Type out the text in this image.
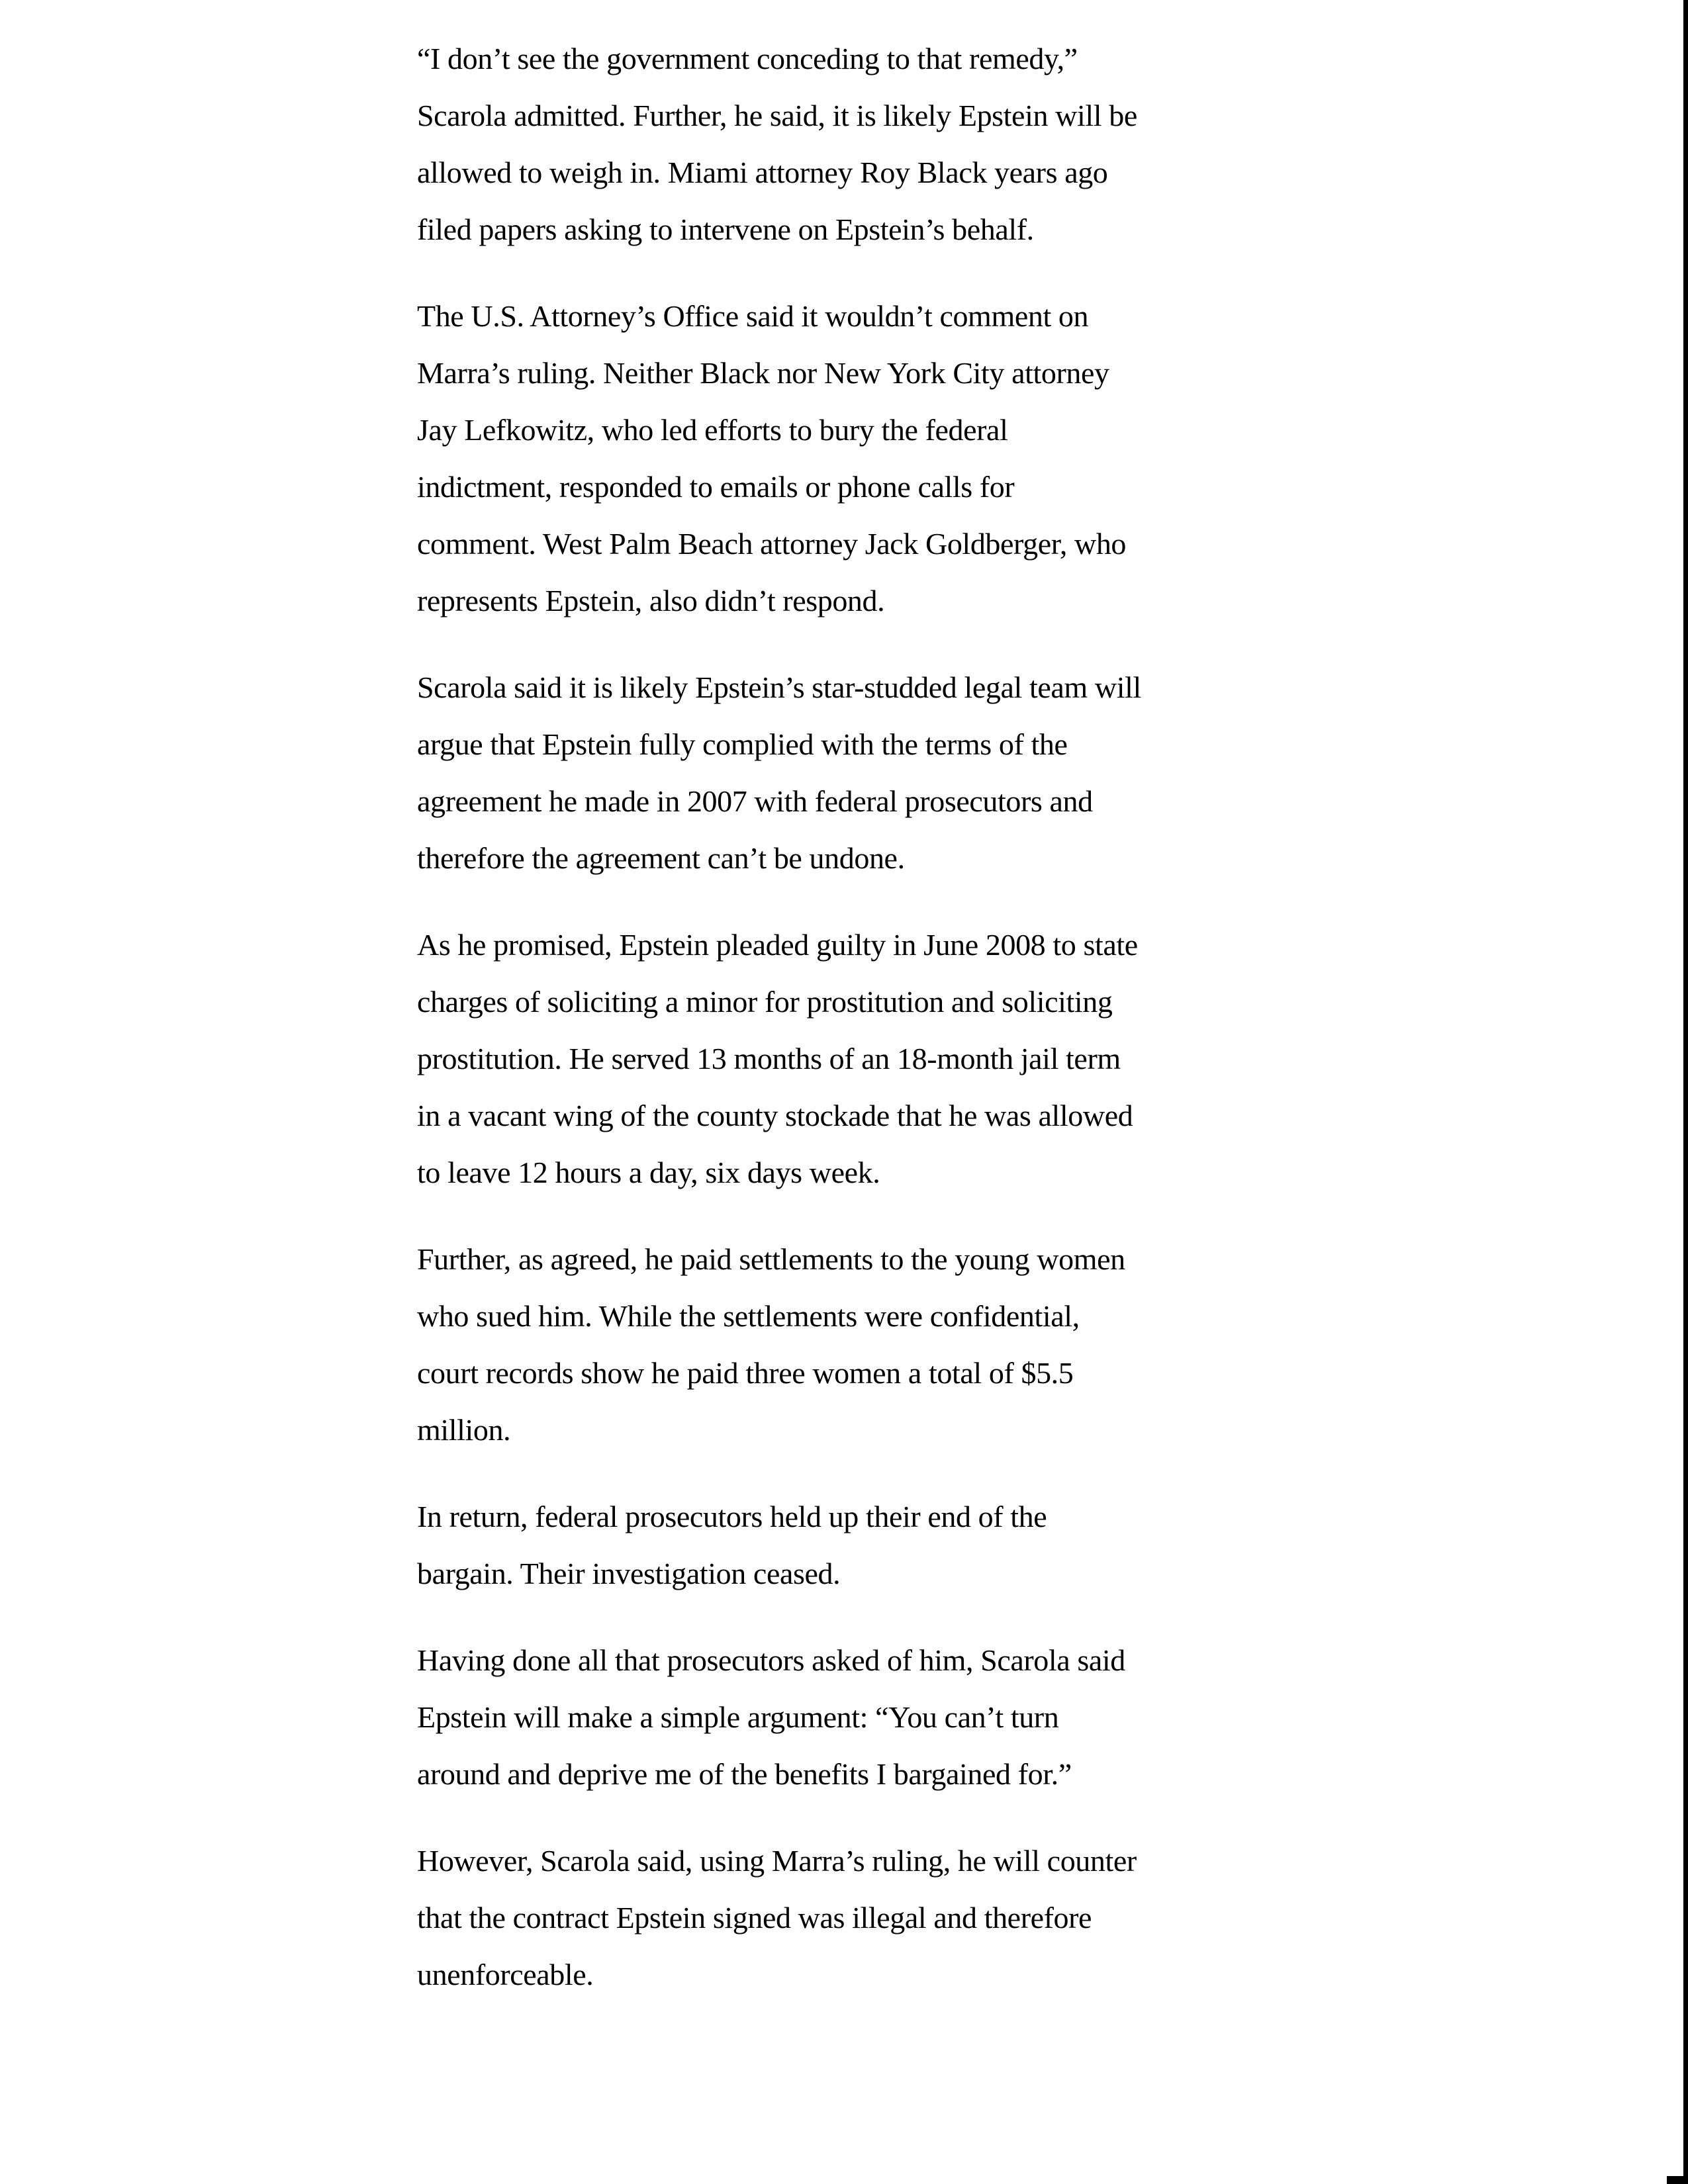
“I don’t see the government conceding to that remedy,”
Scarola admitted. Further, he said, it is likely Epstein will be
allowed to weigh in. Miami attorney Roy Black years ago
filed papers asking to intervene on Epstein’s behalf.
The U.S. Attorney’s Office said it wouldn’t comment on
Marra’s ruling. Neither Black nor New York City attorney
Jay Lefkowitz, who led efforts to bury the federal
indictment, responded to emails or phone calls for
comment. West Palm Beach attorney Jack Goldberger, who
represents Epstein, also didn’t respond.
Scarola said it is likely Epstein’s star-studded legal team will
argue that Epstein fully complied with the terms of the
agreement he made in 2007 with federal prosecutors and
therefore the agreement can’t be undone.
As he promised, Epstein pleaded guilty in June 2008 to state
charges of soliciting a minor for prostitution and soliciting
prostitution. He served 13 months of an 18-month jail term
in a vacant wing of the county stockade that he was allowed
to leave 12 hours a day, six days week.
Further, as agreed, he paid settlements to the young women
who sued him. While the settlements were confidential,
court records show he paid three women a total of $5.5
million.
In return, federal prosecutors held up their end of the
bargain. Their investigation ceased.
Having done all that prosecutors asked of him, Scarola said
Epstein will make a simple argument: “You can’t turn
around and deprive me of the benefits I bargained for.”
However, Scarola said, using Marra’s ruling, he will counter
that the contract Epstein signed was illegal and therefore
unenforceable.
